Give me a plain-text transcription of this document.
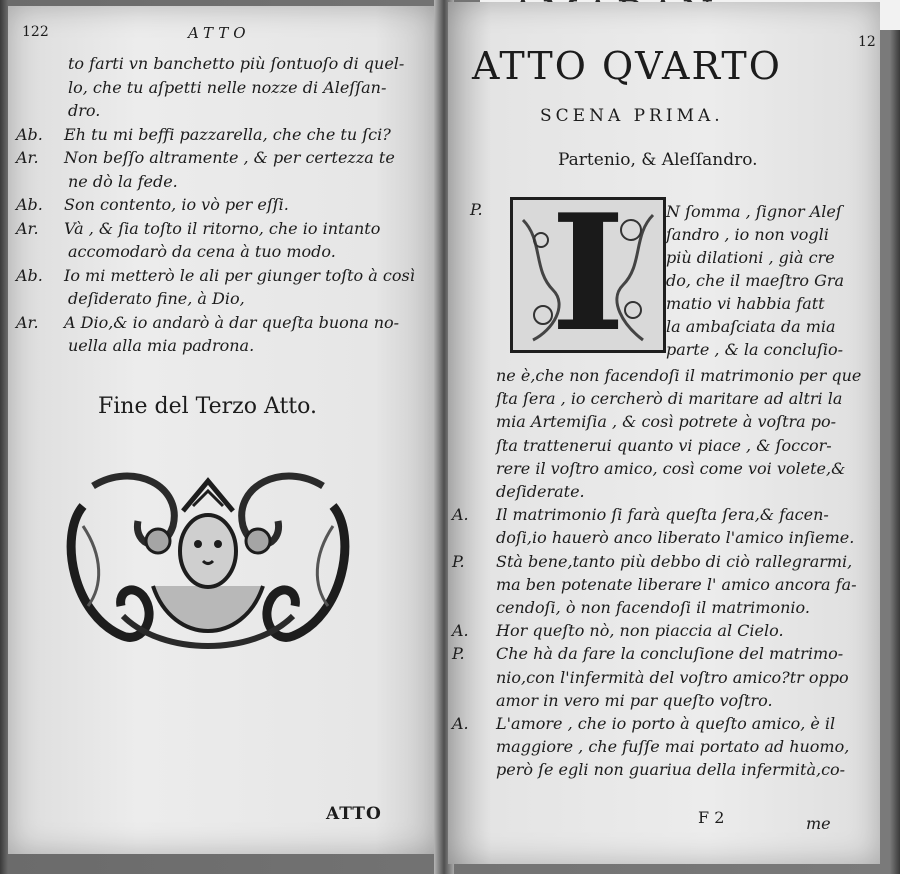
122	ATTO
to farti vn banchetto più ſontuoſo di quel-
lo, che tu aſpetti nelle nozze di Aleſſan-
dro.
Ab. Eh tu mi beffi pazzarella, che che tu ſci?
Ar. Non beſſo altramente , & per certezza te
ne dò la fede.
Ab. Son contento, io vò per eſſi.
Ar. Và , & ſia toſto il ritorno, che io intanto
accomodarò da cena à tuo modo.
Ab. Io mi metterò le ali per giunger toſto à così
deſiderato fine, à Dio,
Ar. A Dio,& io andarò à dar queſta buona no-
uella alla mia padrona.
Fine del Terzo Atto.
ATTO
12
ATTO QVARTO
SCENA PRIMA.
Partenio, & Aleſſandro.
P. I	N ſomma , ſignor Aleſ
ſandro , io non vogli
più dilationi , già cre
do, che il maeſtro Gra
matio vi habbia fatt
la ambaſciata da mia
parte , & la concluſio-
ne è,che non facendoſi il matrimonio per que
ſta ſera , io cercherò di maritare ad altri la
mia Artemiſia , & così potrete à voſtra po-
ſta trattenerui quanto vi piace , & ſoccor-
rere il voſtro amico, così come voi volete,&
deſiderate.
A. Il matrimonio ſi farà queſta ſera,& facen-
doſi,io hauerò anco liberato l'amico inſieme.
P. Stà bene,tanto più debbo di ciò rallegrarmi,
ma ben potenate liberare l' amico ancora fa-
cendoſi, ò non facendoſi il matrimonio.
A. Hor queſto nò, non piaccia al Cielo.
P. Che hà da fare la concluſione del matrimo-
nio,con l'infermità del voſtro amico?tr oppo
amor in vero mi par queſto voſtro.
A. L'amore , che io porto à queſto amico, è il
maggiore , che fuſſe mai portato ad huomo,
però ſe egli non guariua della infermità,co-
F 2	me
